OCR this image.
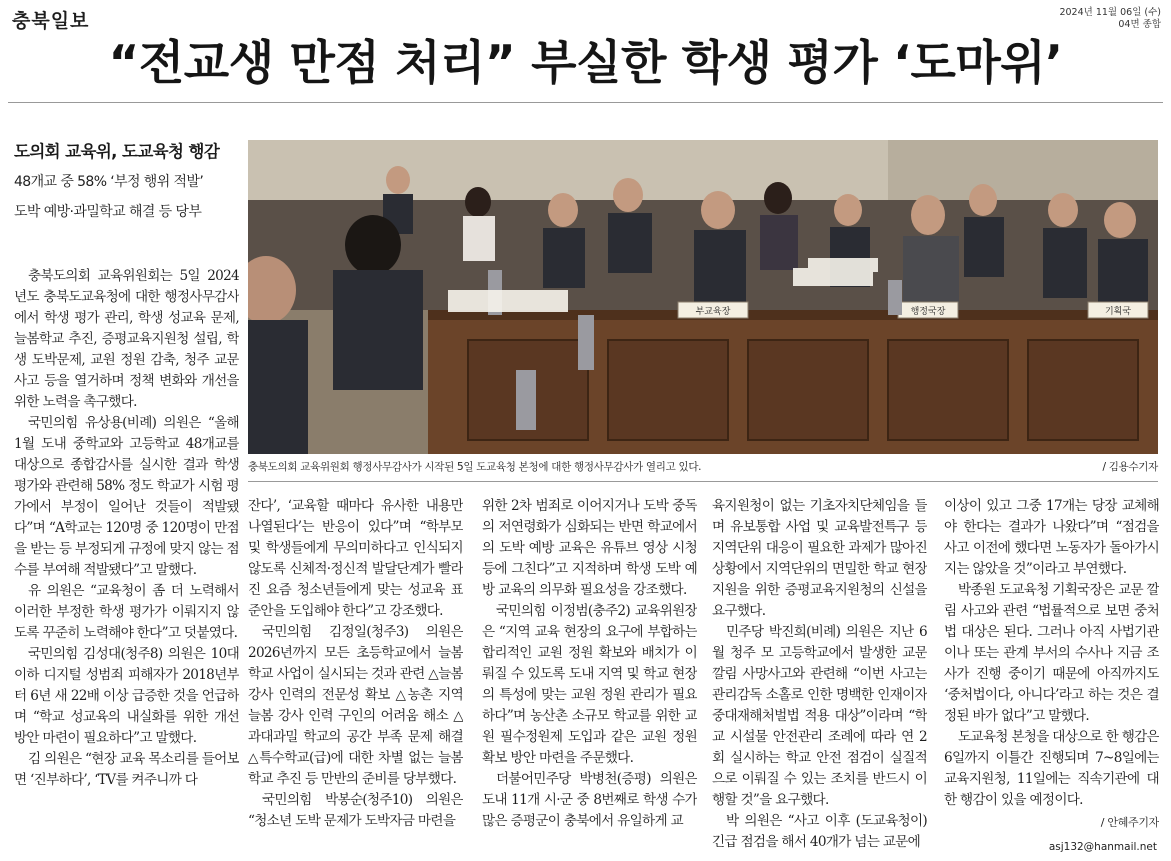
충북일보	2024년 11월 06일 (수)
04면 종합
“전교생 만점 처리” 부실한 학생 평가 ‘도마위’
도의회 교육위, 도교육청 행감
48개교 중 58% ‘부정 행위 적발’
도박 예방·과밀학교 해결 등 당부
부교육장	행정국장	기획국
충북도의회 교육위원회 행정사무감사가 시작된 5일 도교육청 본청에 대한 행정사무감사가 열리고 있다.	/ 김용수기자

충북도의회 교육위원회는 5일 2024년도 충북도교육청에 대한 행정사무감사에서 학생 평가 관리, 학생 성교육 문제, 늘봄학교 추진, 증평교육지원청 설립, 학생 도박문제, 교원 정원 감축, 청주 교문 사고 등을 열거하며 정책 변화와 개선을 위한 노력을 촉구했다.

국민의힘 유상용(비례) 의원은 “올해 1월 도내 중학교와 고등학교 48개교를 대상으로 종합감사를 실시한 결과 학생 평가와 관련해 58% 정도 학교가 시험 평가에서 부정이 일어난 것들이 적발됐다”며 “A학교는 120명 중 120명이 만점을 받는 등 부정되게 규정에 맞지 않는 점수를 부여해 적발됐다”고 말했다.

유 의원은 “교육청이 좀 더 노력해서 이러한 부정한 학생 평가가 이뤄지지 않도록 꾸준히 노력해야 한다”고 덧붙였다.

국민의힘 김성대(청주8) 의원은 10대 이하 디지털 성범죄 피해자가 2018년부터 6년 새 22배 이상 급증한 것을 언급하며 “학교 성교육의 내실화를 위한 개선 방안 마련이 필요하다”고 말했다.

김 의원은 “현장 교육 목소리를 들어보면 ‘진부하다’, ‘TV를 켜주니까 다

잔다’, ‘교육할 때마다 유사한 내용만 나열된다’는 반응이 있다”며 “학부모 및 학생들에게 무의미하다고 인식되지 않도록 신체적·정신적 발달단계가 빨라진 요즘 청소년들에게 맞는 성교육 표준안을 도입해야 한다”고 강조했다.

국민의힘 김정일(청주3) 의원은 2026년까지 모든 초등학교에서 늘봄학교 사업이 실시되는 것과 관련 △늘봄 강사 인력의 전문성 확보 △농촌 지역 늘봄 강사 인력 구인의 어려움 해소 △과대과밀 학교의 공간 부족 문제 해결 △특수학교(급)에 대한 차별 없는 늘봄학교 추진 등 만반의 준비를 당부했다.

국민의힘 박봉순(청주10) 의원은 “청소년 도박 문제가 도박자금 마련을

위한 2차 범죄로 이어지거나 도박 중독의 저연령화가 심화되는 반면 학교에서의 도박 예방 교육은 유튜브 영상 시청 등에 그친다”고 지적하며 학생 도박 예방 교육의 의무화 필요성을 강조했다.

국민의힘 이정범(충주2) 교육위원장은 “지역 교육 현장의 요구에 부합하는 합리적인 교원 정원 확보와 배치가 이뤄질 수 있도록 도내 지역 및 학교 현장의 특성에 맞는 교원 정원 관리가 필요하다”며 농산촌 소규모 학교를 위한 교원 필수정원제 도입과 같은 교원 정원 확보 방안 마련을 주문했다.

더불어민주당 박병천(증평) 의원은 도내 11개 시·군 중 8번째로 학생 수가 많은 증평군이 충북에서 유일하게 교

육지원청이 없는 기초자치단체임을 들며 유보통합 사업 및 교육발전특구 등 지역단위 대응이 필요한 과제가 많아진 상황에서 지역단위의 면밀한 학교 현장 지원을 위한 증평교육지원청의 신설을 요구했다.

민주당 박진희(비례) 의원은 지난 6월 청주 모 고등학교에서 발생한 교문 깔림 사망사고와 관련해 “이번 사고는 관리감독 소홀로 인한 명백한 인재이자 중대재해처벌법 적용 대상”이라며 “학교 시설물 안전관리 조례에 따라 연 2회 실시하는 학교 안전 점검이 실질적으로 이뤄질 수 있는 조치를 반드시 이행할 것”을 요구했다.

박 의원은 “사고 이후 (도교육청이) 긴급 점검을 해서 40개가 넘는 교문에

이상이 있고 그중 17개는 당장 교체해야 한다는 결과가 나왔다”며 “점검을 사고 이전에 했다면 노동자가 돌아가시지는 않았을 것”이라고 부연했다.

박종원 도교육청 기획국장은 교문 깔림 사고와 관련 “법률적으로 보면 중처법 대상은 된다. 그러나 아직 사법기관이나 또는 관계 부서의 수사나 지금 조사가 진행 중이기 때문에 아직까지도 ‘중처법이다, 아니다’라고 하는 것은 결정된 바가 없다”고 말했다.

도교육청 본청을 대상으로 한 행감은 6일까지 이틀간 진행되며 7~8일에는 교육지원청, 11일에는 직속기관에 대한 행감이 있을 예정이다.

/ 안혜주기자
asj132@hanmail.net
